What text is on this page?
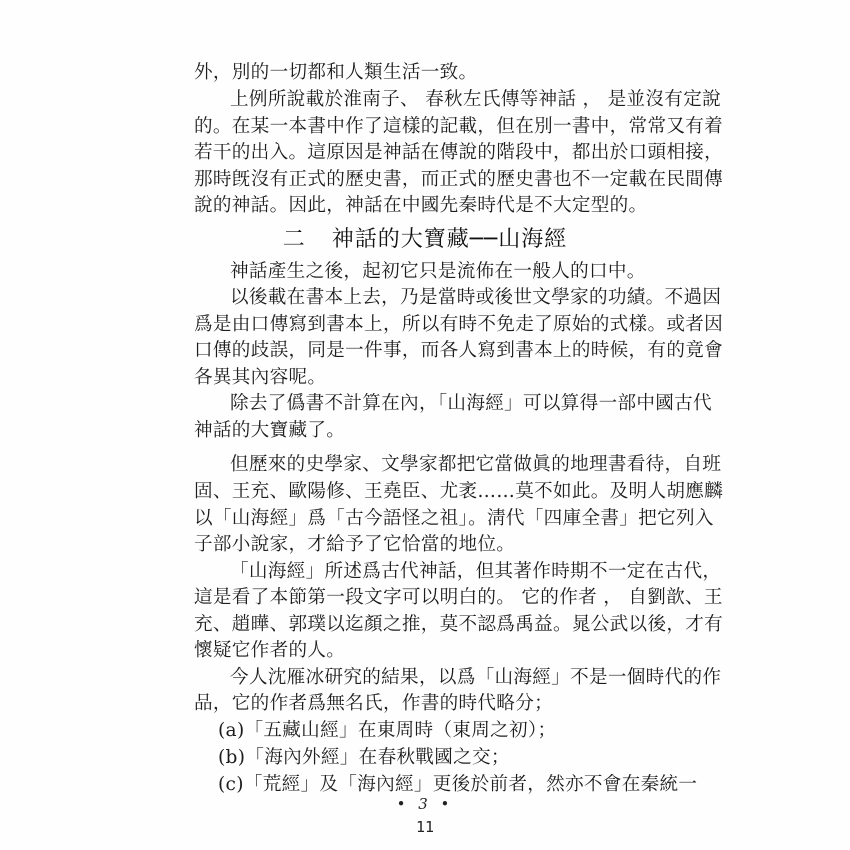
外，別的一切都和人類生活一致。
上例所說載於淮南子、 春秋左氏傳等神話 ， 是並沒有定說
的。在某一本書中作了這樣的記載，但在別一書中，常常又有着
若干的出入。這原因是神話在傳說的階段中，都出於口頭相接，
那時旣沒有正式的歷史書，而正式的歷史書也不一定載在民間傳
說的神話。因此，神話在中國先秦時代是不大定型的。
二 神話的大寶藏──山海經
神話產生之後，起初它只是流佈在一般人的口中。
以後載在書本上去，乃是當時或後世文學家的功績。不過因
爲是由口傳寫到書本上，所以有時不免走了原始的式樣。或者因
口傳的歧誤，同是一件事，而各人寫到書本上的時候，有的竟會
各異其內容呢。
除去了僞書不計算在內，「山海經」可以算得一部中國古代
神話的大寶藏了。
但歷來的史學家、文學家都把它當做眞的地理書看待，自班
固、王充、歐陽修、王堯臣、尤袤……莫不如此。及明人胡應麟
以「山海經」爲「古今語怪之祖」。淸代「四庫全書」把它列入
子部小說家，才給予了它恰當的地位。
「山海經」所述爲古代神話，但其著作時期不一定在古代，
這是看了本節第一段文字可以明白的。 它的作者 ， 自劉歆、王
充、趙曄、郭璞以迄顏之推，莫不認爲禹益。晁公武以後，才有
懷疑它作者的人。
今人沈雁冰研究的結果，以爲「山海經」不是一個時代的作
品，它的作者爲無名氏，作書的時代略分；
(a)「五藏山經」在東周時（東周之初）；
(b)「海內外經」在春秋戰國之交；
(c)「荒經」及「海內經」更後於前者，然亦不會在秦統一
• 3 •
11
